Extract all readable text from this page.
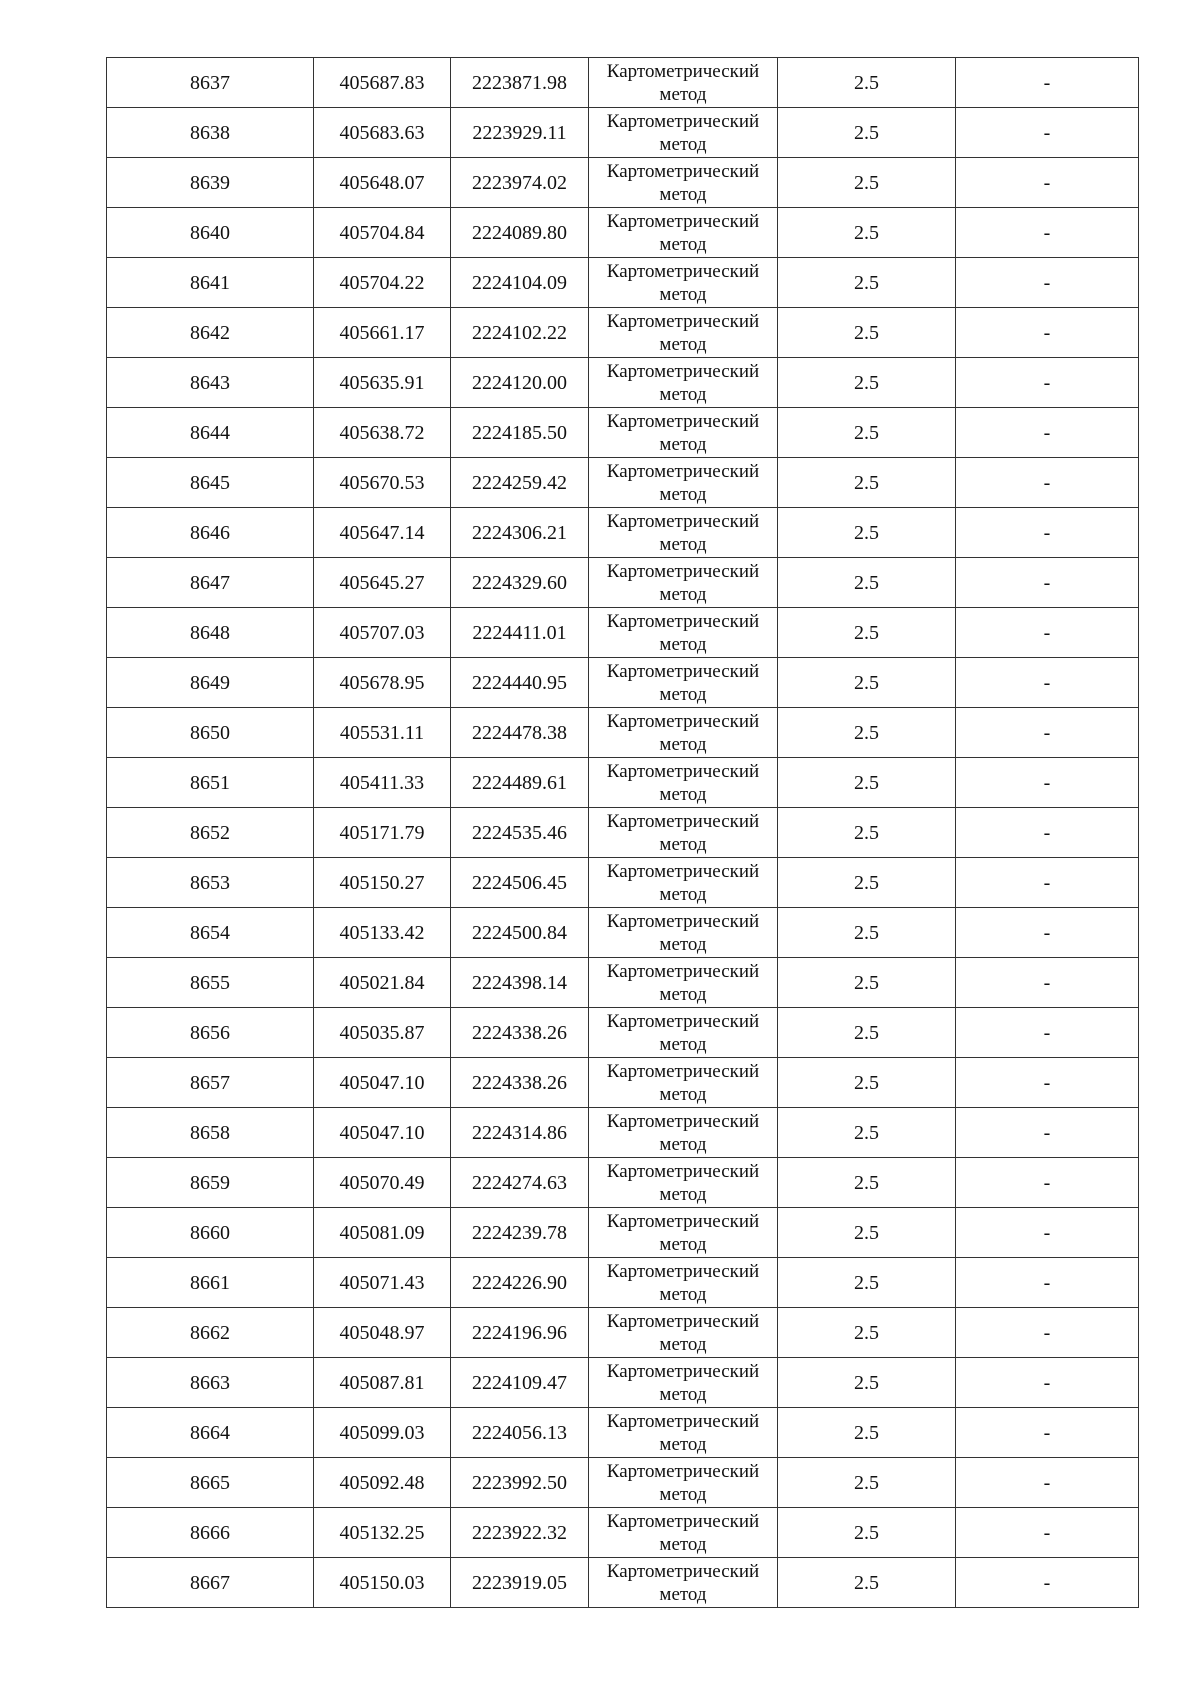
8637	405687.83	2223871.98	Картометрический метод	2.5	-
8638	405683.63	2223929.11	Картометрический метод	2.5	-
8639	405648.07	2223974.02	Картометрический метод	2.5	-
8640	405704.84	2224089.80	Картометрический метод	2.5	-
8641	405704.22	2224104.09	Картометрический метод	2.5	-
8642	405661.17	2224102.22	Картометрический метод	2.5	-
8643	405635.91	2224120.00	Картометрический метод	2.5	-
8644	405638.72	2224185.50	Картометрический метод	2.5	-
8645	405670.53	2224259.42	Картометрический метод	2.5	-
8646	405647.14	2224306.21	Картометрический метод	2.5	-
8647	405645.27	2224329.60	Картометрический метод	2.5	-
8648	405707.03	2224411.01	Картометрический метод	2.5	-
8649	405678.95	2224440.95	Картометрический метод	2.5	-
8650	405531.11	2224478.38	Картометрический метод	2.5	-
8651	405411.33	2224489.61	Картометрический метод	2.5	-
8652	405171.79	2224535.46	Картометрический метод	2.5	-
8653	405150.27	2224506.45	Картометрический метод	2.5	-
8654	405133.42	2224500.84	Картометрический метод	2.5	-
8655	405021.84	2224398.14	Картометрический метод	2.5	-
8656	405035.87	2224338.26	Картометрический метод	2.5	-
8657	405047.10	2224338.26	Картометрический метод	2.5	-
8658	405047.10	2224314.86	Картометрический метод	2.5	-
8659	405070.49	2224274.63	Картометрический метод	2.5	-
8660	405081.09	2224239.78	Картометрический метод	2.5	-
8661	405071.43	2224226.90	Картометрический метод	2.5	-
8662	405048.97	2224196.96	Картометрический метод	2.5	-
8663	405087.81	2224109.47	Картометрический метод	2.5	-
8664	405099.03	2224056.13	Картометрический метод	2.5	-
8665	405092.48	2223992.50	Картометрический метод	2.5	-
8666	405132.25	2223922.32	Картометрический метод	2.5	-
8667	405150.03	2223919.05	Картометрический метод	2.5	-
